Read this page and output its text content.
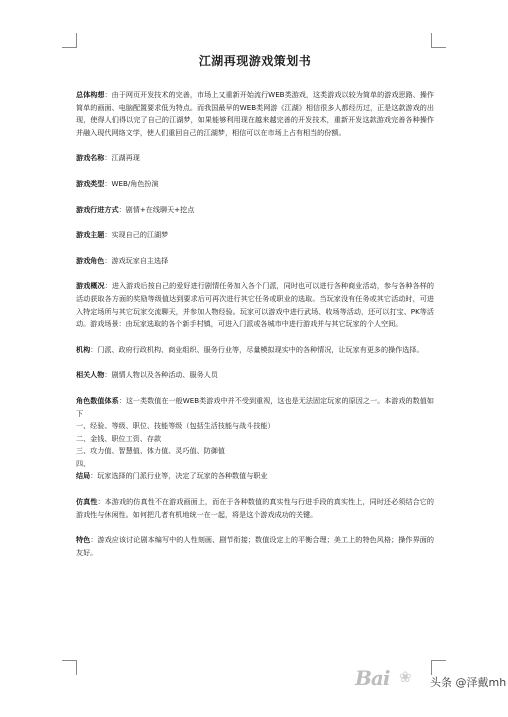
江湖再现游戏策划书

总体构想：由于网页开发技术的完善，市场上又重新开始流行WEB类游戏，这类游戏以较为简单的游戏思路、操作简单的画面、电脑配置要求低为特点。而我国最早的WEB类网游《江湖》相信很多人都经历过，正是这款游戏的出现，使得人们得以完了自己的江湖梦，如果能够利用现在越来越完善的开发技术，重新开发这款游戏完善各种操作并融入现代网络文学，使人们重回自己的江湖梦，相信可以在市场上占有相当的份额。

游戏名称：江湖再现

游戏类型：WEB/角色扮演

游戏行进方式：剧情+在线聊天+挖点

游戏主题：实现自己的江湖梦

游戏角色：游戏玩家自主选择

游戏概况：进入游戏后按自己的爱好进行剧情任务加入各个门派，同时也可以进行各种商业活动，参与各种各样的活动获取各方面的奖励等级值达到要求后可再次进行其它任务或职业的选取。当玩家没有任务或其它活动时，可进入特定场所与其它玩家交流聊天，并参加人物经验。玩家可以游戏中进行武场、收场等活动，还可以打宝、PK等活动。游戏场景：由玩家选取的各个新手村镇，可进入门派或各城市中进行游戏并与其它玩家的个人空间。

机构：门派、政府行政机构、商业组织、服务行业等，尽量模拟现实中的各种情况，让玩家有更多的操作选择。

相关人物：剧情人物以及各种活动、服务人员

角色数值体系：这一类数值在一般WEB类游戏中并不受到重视，这也是无法固定玩家的原因之一。本游戏的数值如下

一、经验、等级、职位、技能等级（包括生活技能与战斗技能）

二、金钱、职位工资、存款

三、攻力值、智慧值、体力值、灵巧值、防御值

四、

结局：玩家选择的门派行业等，决定了玩家的各种数值与职业

仿真性：本游戏的仿真性不在游戏画面上，而在于各种数值的真实性与行进手段的真实性上，同时还必须结合它的游戏性与休闲性。如何把几者有机地统一在一起，将是这个游戏成功的关键。

特色：游戏应该讨论剧本编写中的人性刻画、剧节衔接；数值设定上的平衡合理；美工上的特色风格；操作界面的友好。

Bai ❀ 头条 @泽戴mh
